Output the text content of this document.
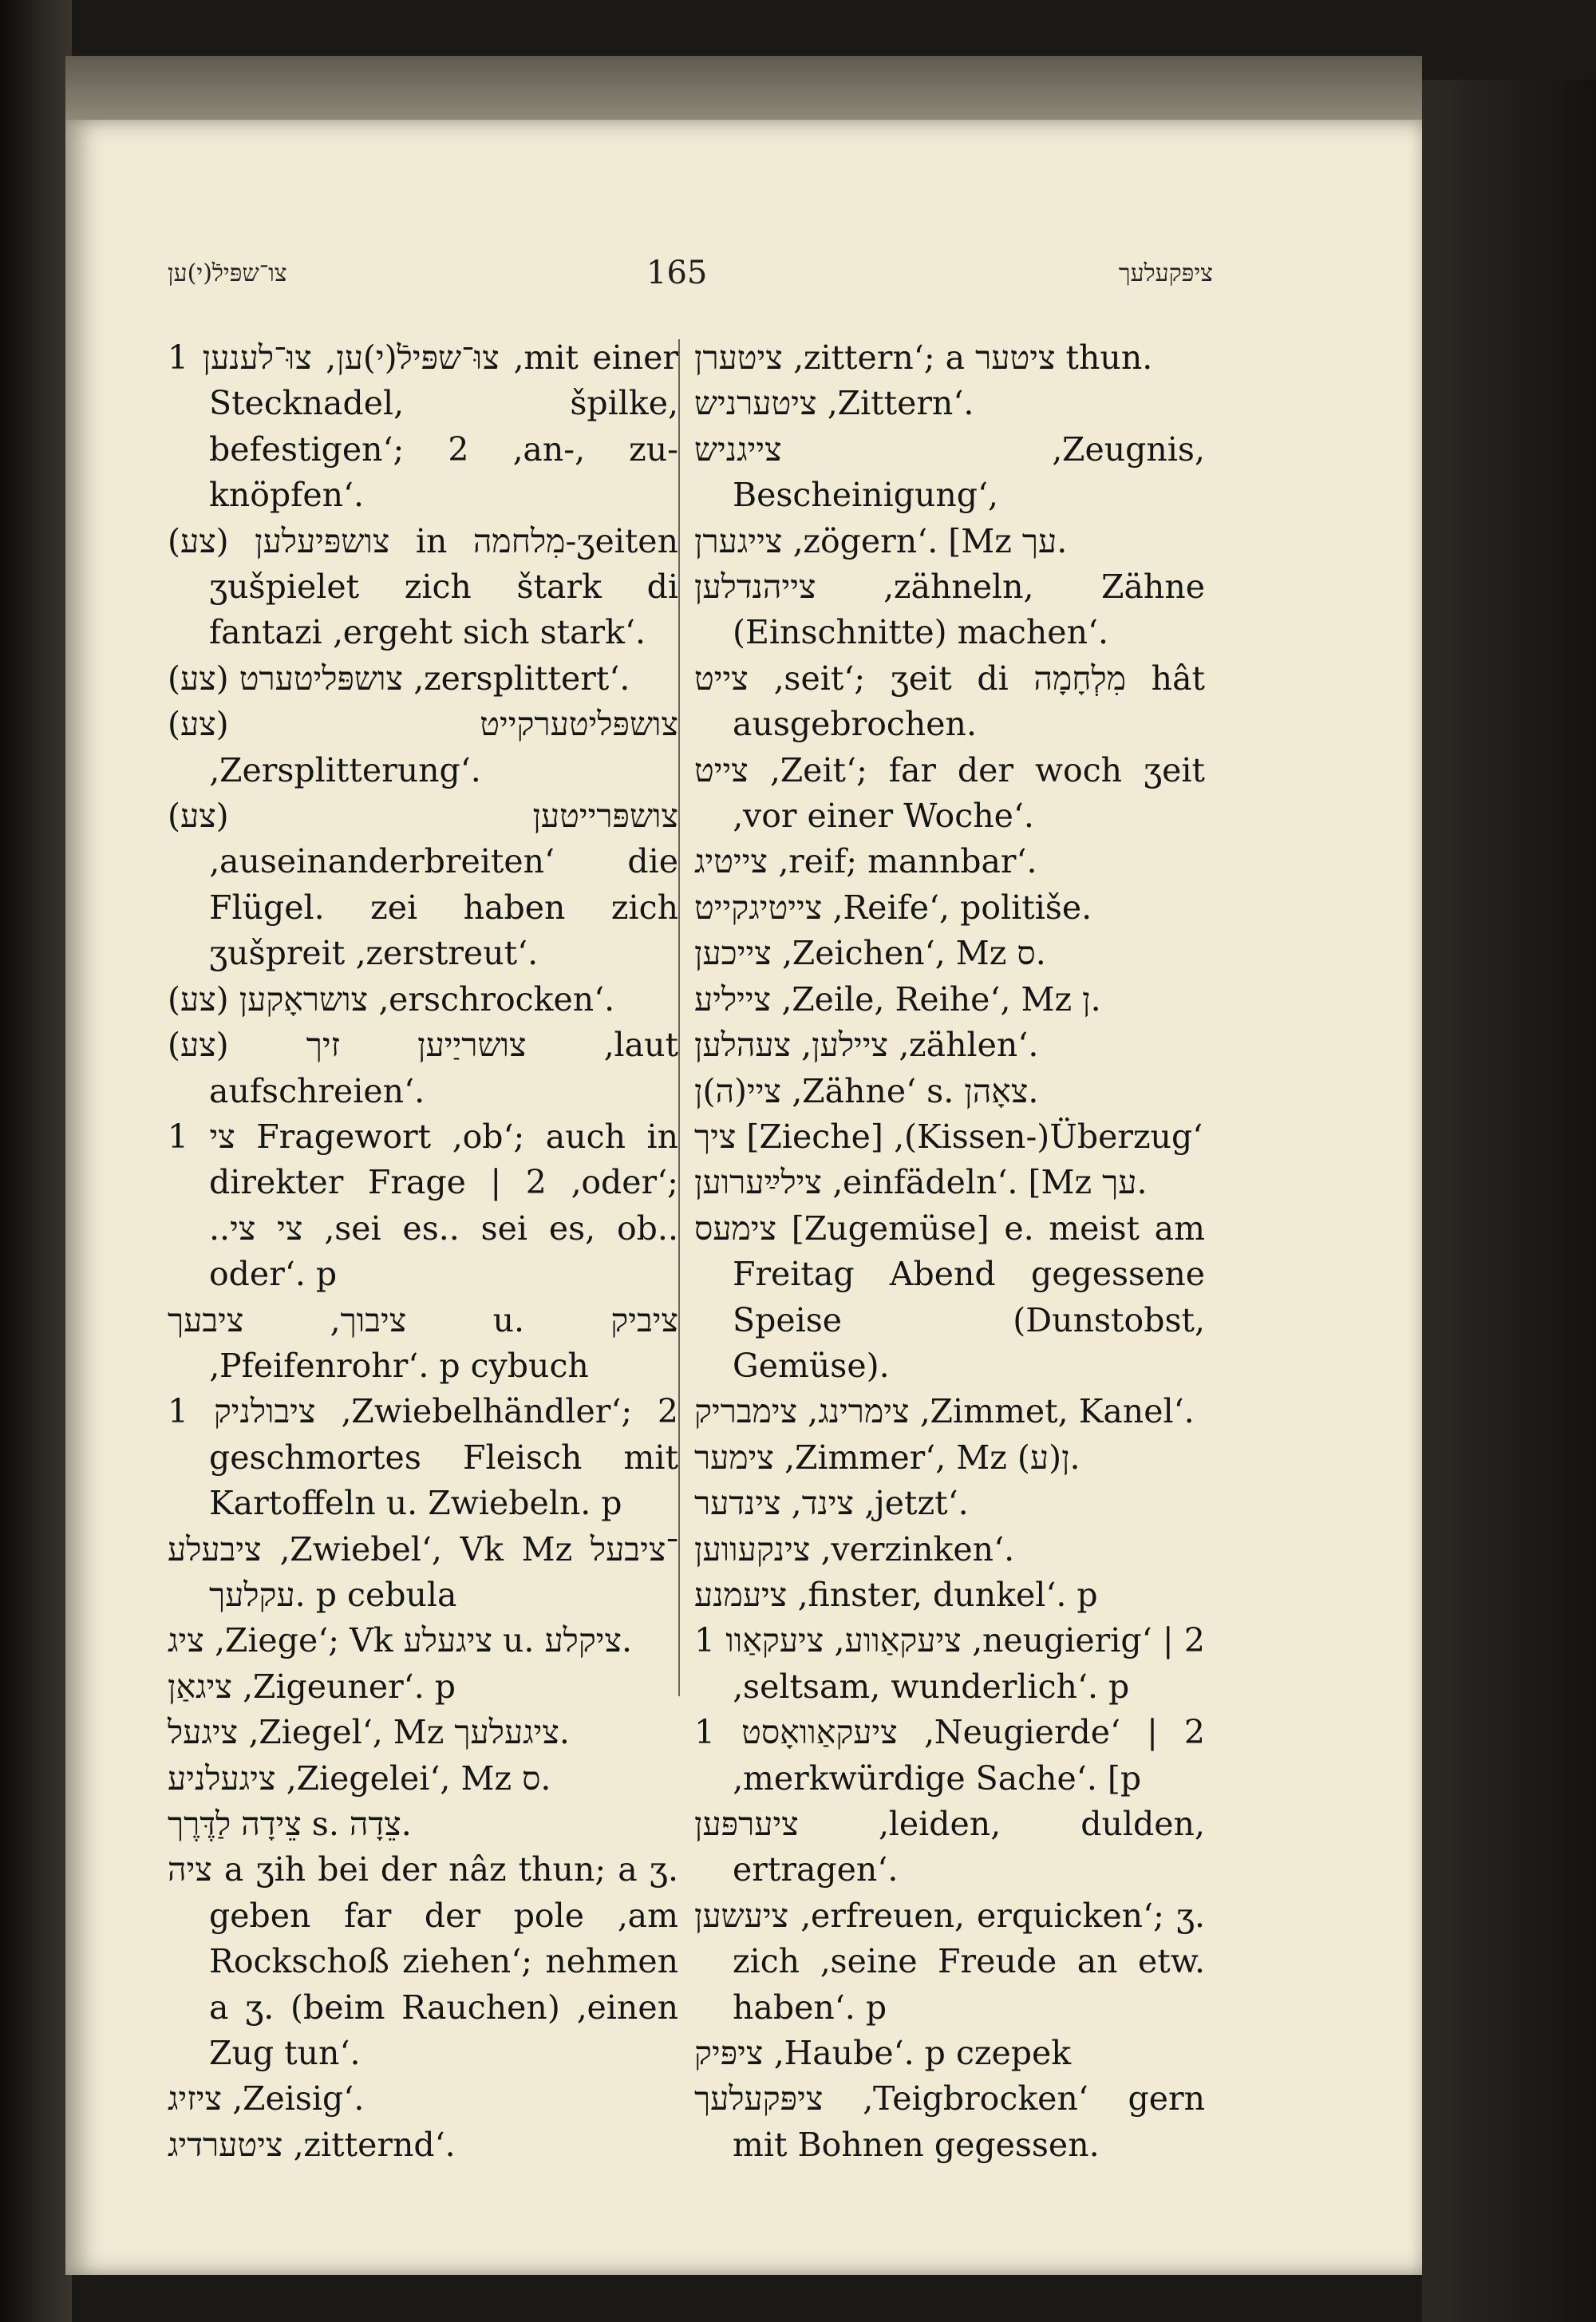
צו־שפּילֿ(י)ען	165	ציפּקעלעך

צוּ־שפּילֿ(י)ען, צוּ־לענען 1 ‚mit einer Stecknadel, špilke, befestigen‘; 2 ‚an-, zu-knöpfen‘.

צושפּיעלען (צע) in מִלחמה-ʒeiten ʒušpielet zich štark di fantazi ‚ergeht sich stark‘.

צושפּליטערט (צע) ‚zersplittert‘.

צושפּליטערקייט (צע) ‚Zersplitterung‘.

צושפּרייטען (צע) ‚auseinanderbreiten‘ die Flügel. zei haben zich ʒušpreit ‚zerstreut‘.

צושראָקען (צע) ‚erschrocken‘.

צושריַיען זיך (צע) ‚laut aufschreien‘.

צי 1 Fragewort ‚ob‘; auch in direkter Frage | 2 ‚oder‘; ..צי צי ‚sei es.. sei es, ob.. oder‘. p

ציבוך, ציבעך u. ציביק ‚Pfeifenrohr‘. p cybuch

ציבולניק 1 ‚Zwiebelhändler‘; 2 geschmortes Fleisch mit Kartoffeln u. Zwiebeln. p

ציבעלע ‚Zwiebel‘, Vk Mz ־ציבעל עקלעך. p cebula

ציג ‚Ziege‘; Vk ציגעלע u. ציקלע.

ציגאַן ‚Zigeuner‘. p

ציגעל ‚Ziegel‘, Mz ציגעלעך.

ציגעלניע ‚Ziegelei‘, Mz ס.

צֵידָה לַדֶּרֶך s. צֵדָה.

ציה a ʒih bei der nâz thun; a ʒ. geben far der pole ‚am Rockschoß ziehen‘; nehmen a ʒ. (beim Rauchen) ‚einen Zug tun‘.

ציזיג ‚Zeisig‘.

ציטערדיג ‚zitternd‘.

ציטערן ‚zittern‘; a ציטער thun.

ציטערניש ‚Zittern‘.

צייגניש ‚Zeugnis, Bescheinigung‘,

צייגערן ‚zögern‘. [Mz עך.

צייהנדלען ‚zähneln, Zähne (Einschnitte) machen‘.

צייט ‚seit‘; ʒeit di מִלְחָמָה hât ausgebrochen.

צייט ‚Zeit‘; far der woch ʒeit ‚vor einer Woche‘.

צייטיג ‚reif; mannbar‘.

צייטיגקייט ‚Reife‘, politiše.

צייכען ‚Zeichen‘, Mz ס.

צייליע ‚Zeile, Reihe‘, Mz ן.

ציילען, צעהלען ‚zählen‘.

ציי(ה)ן ‚Zähne‘ s. צאָהן.

ציך [Zieche] ‚(Kissen-)Überzug‘

צילײַערוען ‚einfädeln‘. [Mz עך.

צימעס [Zugemüse] e. meist am Freitag Abend gegessene Speise (Dunstobst, Gemüse).

צימרינג, צימבריק ‚Zimmet, Kanel‘.

צימער ‚Zimmer‘, Mz ן(ע).

צינד, צינדער ‚jetzt‘.

צינקעווען ‚verzinken‘.

ציעמנע ‚finster, dunkel‘. p

ציעקאַווע, ציעקאַוו 1 ‚neugierig‘ | 2 ‚seltsam, wunderlich‘. p

ציעקאַוואָסט 1 ‚Neugierde‘ | 2 ‚merkwürdige Sache‘. [p

ציערפּען ‚leiden, dulden, ertragen‘.

ציעשען ‚erfreuen, erquicken‘; ʒ. zich ‚seine Freude an etw. haben‘. p

ציפּיק ‚Haube‘. p czepek

ציפּקעלעך ‚Teigbrocken‘ gern mit Bohnen gegessen.
